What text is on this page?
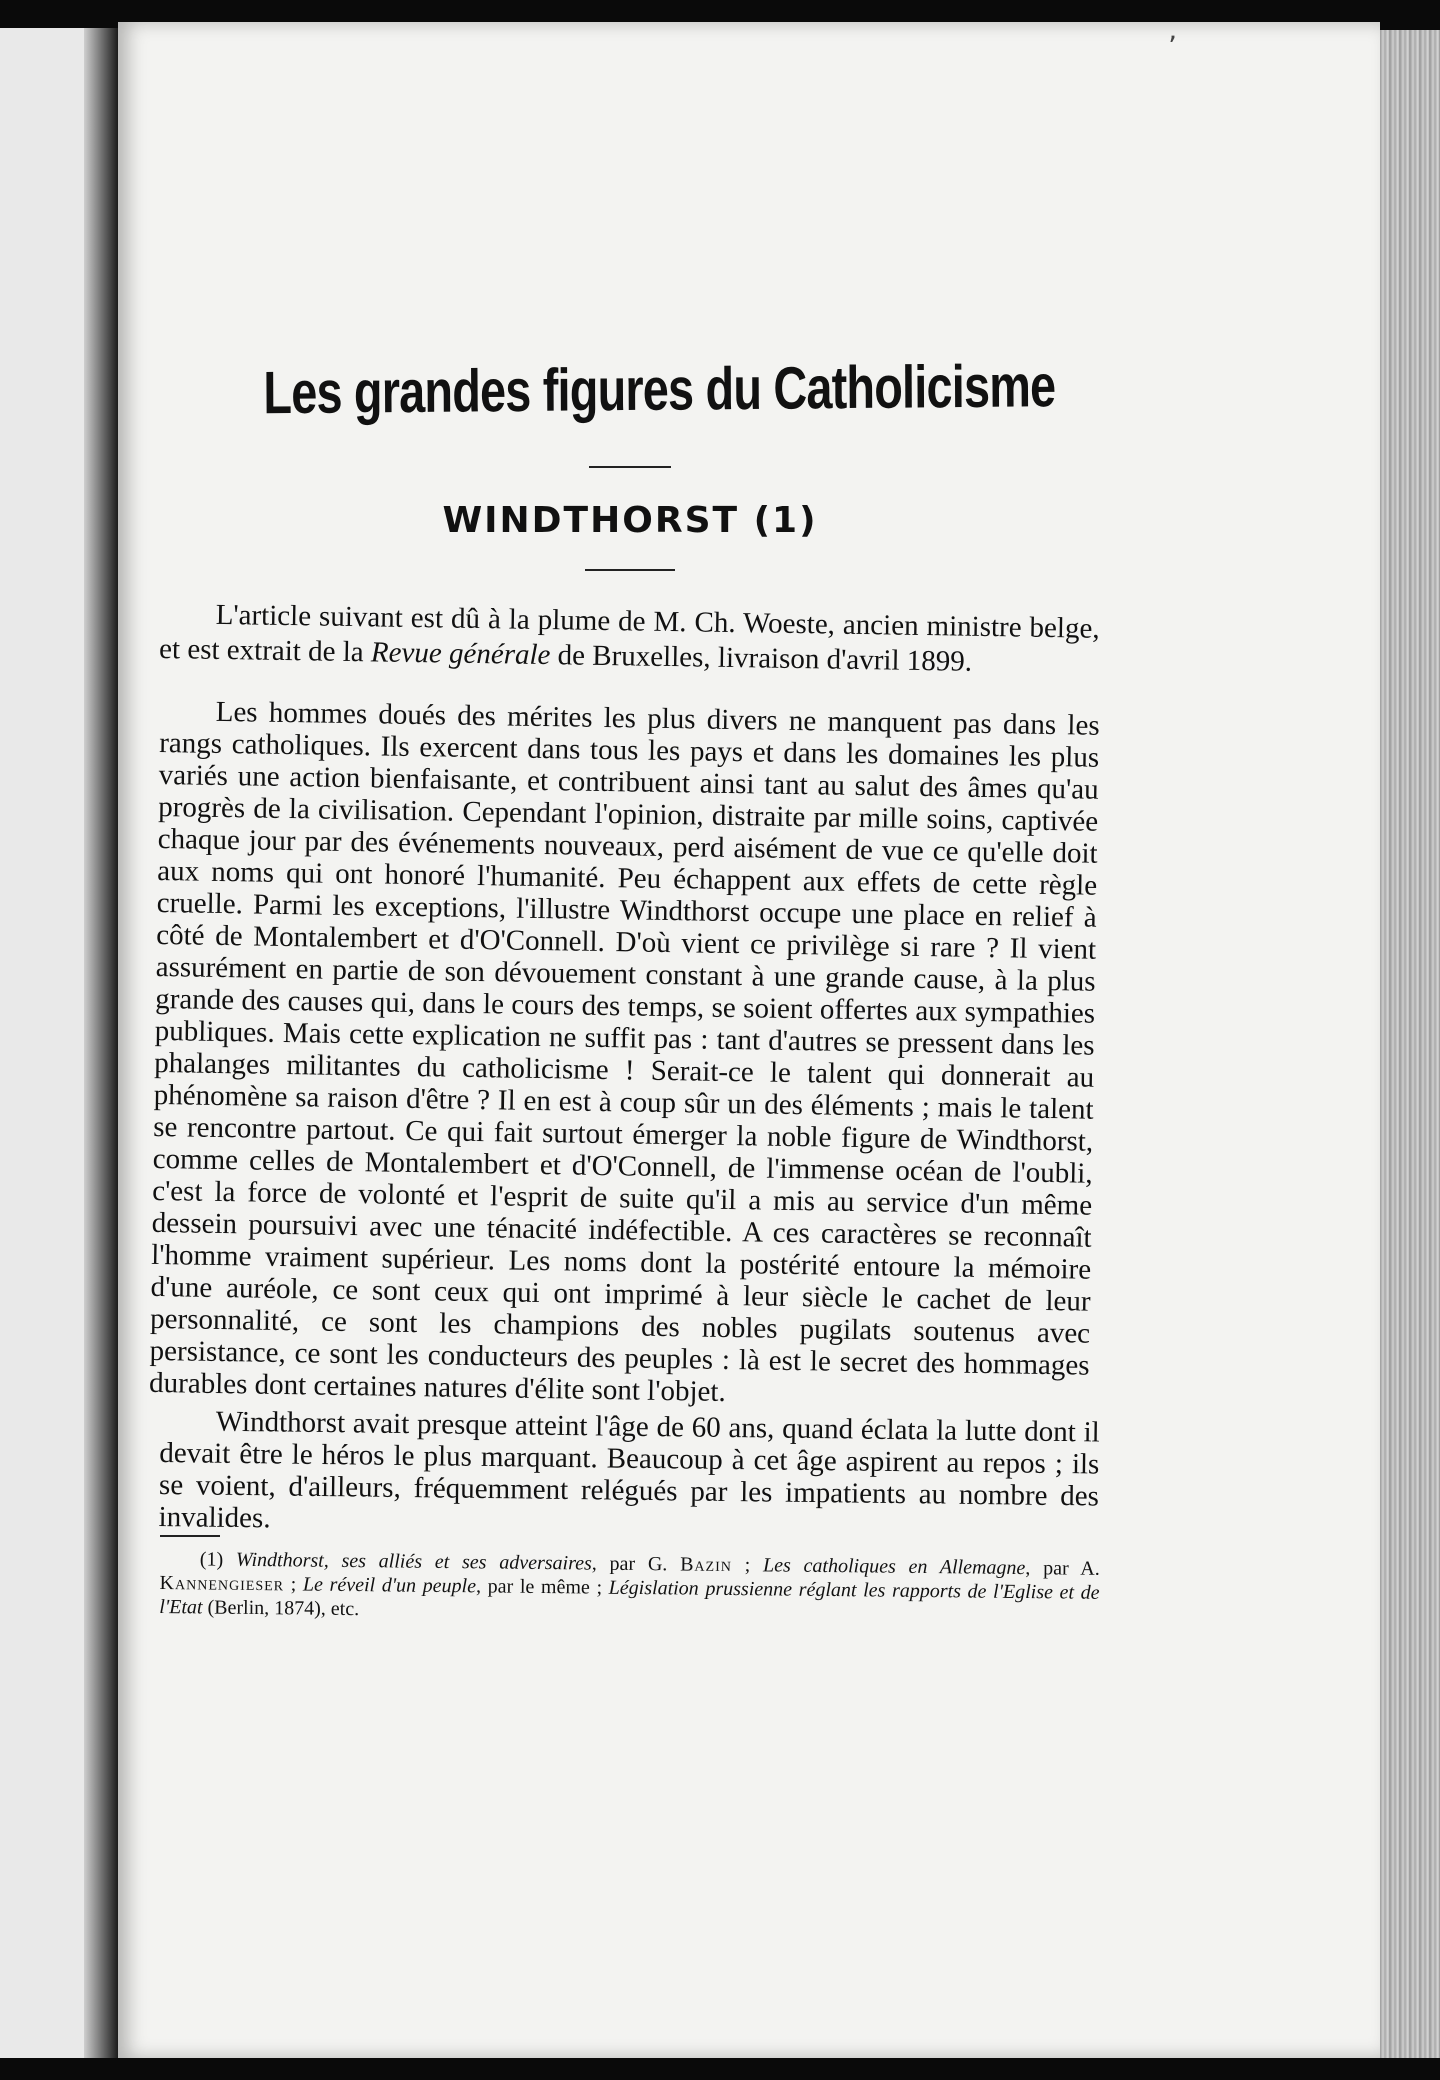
ʼ
Les grandes figures du Catholicisme
WINDTHORST (1)

L'article suivant est dû à la plume de M. Ch. Woeste, ancien ministre belge, et est extrait de la Revue générale de Bruxelles, livraison d'avril 1899.

Les hommes doués des mérites les plus divers ne manquent pas dans les rangs catholiques. Ils exercent dans tous les pays et dans les domaines les plus variés une action bienfaisante, et contribuent ainsi tant au salut des âmes qu'au progrès de la civilisation. Cependant l'opinion, distraite par mille soins, captivée chaque jour par des événements nouveaux, perd aisément de vue ce qu'elle doit aux noms qui ont honoré l'humanité. Peu échappent aux effets de cette règle cruelle. Parmi les exceptions, l'illustre Windthorst occupe une place en relief à côté de Montalembert et d'O'Connell. D'où vient ce privilège si rare ? Il vient assurément en partie de son dévouement constant à une grande cause, à la plus grande des causes qui, dans le cours des temps, se soient offertes aux sympathies publiques. Mais cette explication ne suffit pas : tant d'autres se pressent dans les phalanges militantes du catholicisme ! Serait-ce le talent qui donnerait au phénomène sa raison d'être ? Il en est à coup sûr un des éléments ; mais le talent se rencontre partout. Ce qui fait surtout émerger la noble figure de Windthorst, comme celles de Montalembert et d'O'Connell, de l'immense océan de l'oubli, c'est la force de volonté et l'esprit de suite qu'il a mis au service d'un même dessein poursuivi avec une ténacité indéfectible. A ces caractères se reconnaît l'homme vraiment supérieur. Les noms dont la postérité entoure la mémoire d'une auréole, ce sont ceux qui ont imprimé à leur siècle le cachet de leur personnalité, ce sont les champions des nobles pugilats soutenus avec persistance, ce sont les conducteurs des peuples : là est le secret des hommages durables dont certaines natures d'élite sont l'objet.

Windthorst avait presque atteint l'âge de 60 ans, quand éclata la lutte dont il devait être le héros le plus marquant. Beaucoup à cet âge aspirent au repos ; ils se voient, d'ailleurs, fréquemment relégués par les impatients au nombre des invalides.

(1) Windthorst, ses alliés et ses adversaires, par G. Bazin ; Les catholiques en Allemagne, par A. Kannengieser ; Le réveil d'un peuple, par le même ; Législation prussienne réglant les rapports de l'Eglise et de l'Etat (Berlin, 1874), etc.
